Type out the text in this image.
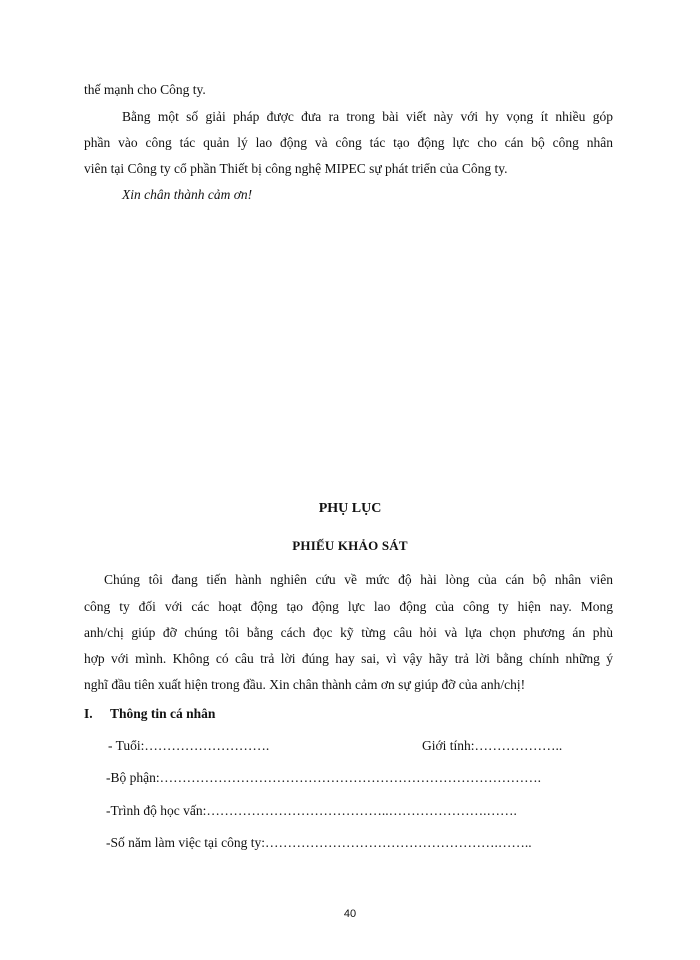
thế mạnh cho Công ty.
Bằng một số giải pháp được đưa ra trong bài viết này với hy vọng ít nhiều góp
phần vào công tác quản lý lao động và công tác tạo động lực cho cán bộ công nhân
viên tại Công ty cổ phần Thiết bị công nghệ MIPEC sự phát triển của Công ty.
Xin chân thành cảm ơn!
PHỤ LỤC
PHIẾU KHẢO SÁT
Chúng tôi đang tiến hành nghiên cứu về mức độ hài lòng của cán bộ nhân viên
công ty đối với các hoạt động tạo động lực lao động của công ty hiện nay. Mong
anh/chị giúp đỡ chúng tôi bằng cách đọc kỹ từng câu hỏi và lựa chọn phương án phù
hợp với mình. Không có câu trả lời đúng hay sai, vì vậy hãy trả lời bằng chính những ý
nghĩ đầu tiên xuất hiện trong đầu. Xin chân thành cảm ơn sự giúp đỡ của anh/chị!
I. Thông tin cá nhân
- Tuổi:……………………….	Giới tính:………………..
-Bộ phận:………………………………………………………………………….
-Trình độ học vấn:…………………………………..………………….…….
-Số năm làm việc tại công ty:…………………………………………….……..
40
